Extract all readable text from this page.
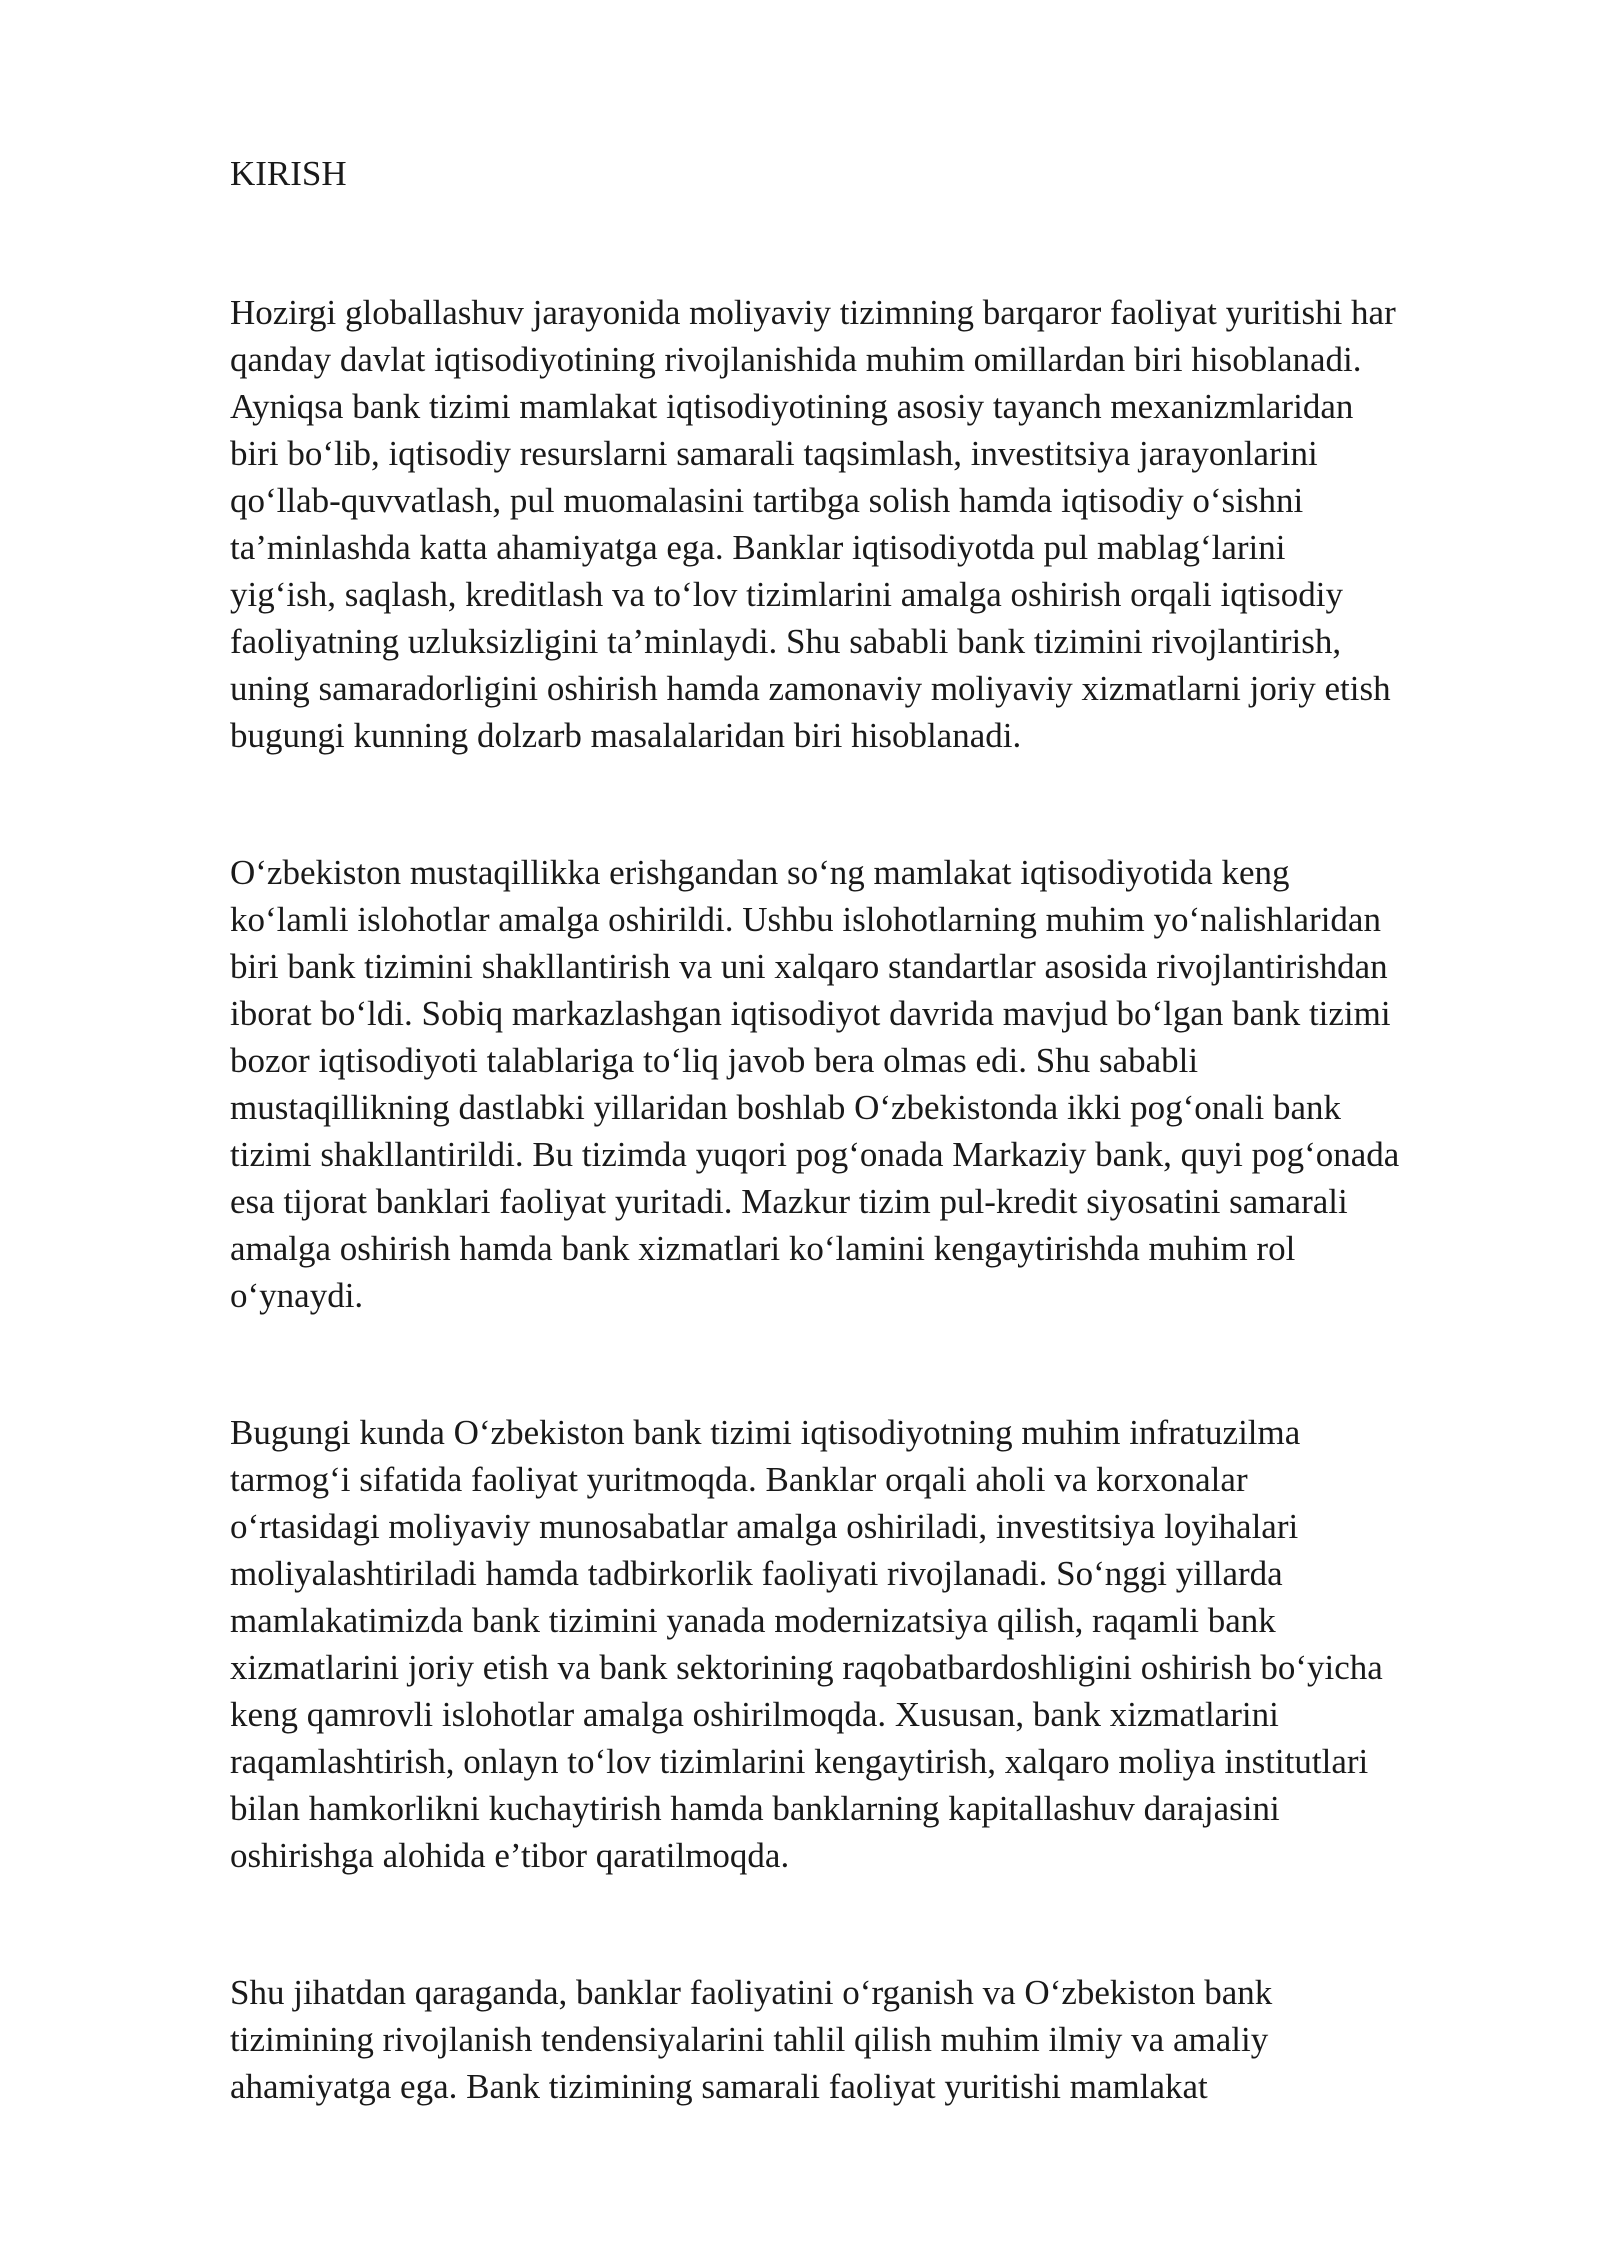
KIRISH
Hozirgi globallashuv jarayonida moliyaviy tizimning barqaror faoliyat yuritishi har
qanday davlat iqtisodiyotining rivojlanishida muhim omillardan biri hisoblanadi.
Ayniqsa bank tizimi mamlakat iqtisodiyotining asosiy tayanch mexanizmlaridan
biri bo‘lib, iqtisodiy resurslarni samarali taqsimlash, investitsiya jarayonlarini
qo‘llab-quvvatlash, pul muomalasini tartibga solish hamda iqtisodiy o‘sishni
ta’minlashda katta ahamiyatga ega. Banklar iqtisodiyotda pul mablag‘larini
yig‘ish, saqlash, kreditlash va to‘lov tizimlarini amalga oshirish orqali iqtisodiy
faoliyatning uzluksizligini ta’minlaydi. Shu sababli bank tizimini rivojlantirish,
uning samaradorligini oshirish hamda zamonaviy moliyaviy xizmatlarni joriy etish
bugungi kunning dolzarb masalalaridan biri hisoblanadi.
O‘zbekiston mustaqillikka erishgandan so‘ng mamlakat iqtisodiyotida keng
ko‘lamli islohotlar amalga oshirildi. Ushbu islohotlarning muhim yo‘nalishlaridan
biri bank tizimini shakllantirish va uni xalqaro standartlar asosida rivojlantirishdan
iborat bo‘ldi. Sobiq markazlashgan iqtisodiyot davrida mavjud bo‘lgan bank tizimi
bozor iqtisodiyoti talablariga to‘liq javob bera olmas edi. Shu sababli
mustaqillikning dastlabki yillaridan boshlab O‘zbekistonda ikki pog‘onali bank
tizimi shakllantirildi. Bu tizimda yuqori pog‘onada Markaziy bank, quyi pog‘onada
esa tijorat banklari faoliyat yuritadi. Mazkur tizim pul-kredit siyosatini samarali
amalga oshirish hamda bank xizmatlari ko‘lamini kengaytirishda muhim rol
o‘ynaydi.
Bugungi kunda O‘zbekiston bank tizimi iqtisodiyotning muhim infratuzilma
tarmog‘i sifatida faoliyat yuritmoqda. Banklar orqali aholi va korxonalar
o‘rtasidagi moliyaviy munosabatlar amalga oshiriladi, investitsiya loyihalari
moliyalashtiriladi hamda tadbirkorlik faoliyati rivojlanadi. So‘nggi yillarda
mamlakatimizda bank tizimini yanada modernizatsiya qilish, raqamli bank
xizmatlarini joriy etish va bank sektorining raqobatbardoshligini oshirish bo‘yicha
keng qamrovli islohotlar amalga oshirilmoqda. Xususan, bank xizmatlarini
raqamlashtirish, onlayn to‘lov tizimlarini kengaytirish, xalqaro moliya institutlari
bilan hamkorlikni kuchaytirish hamda banklarning kapitallashuv darajasini
oshirishga alohida e’tibor qaratilmoqda.
Shu jihatdan qaraganda, banklar faoliyatini o‘rganish va O‘zbekiston bank
tizimining rivojlanish tendensiyalarini tahlil qilish muhim ilmiy va amaliy
ahamiyatga ega. Bank tizimining samarali faoliyat yuritishi mamlakat
